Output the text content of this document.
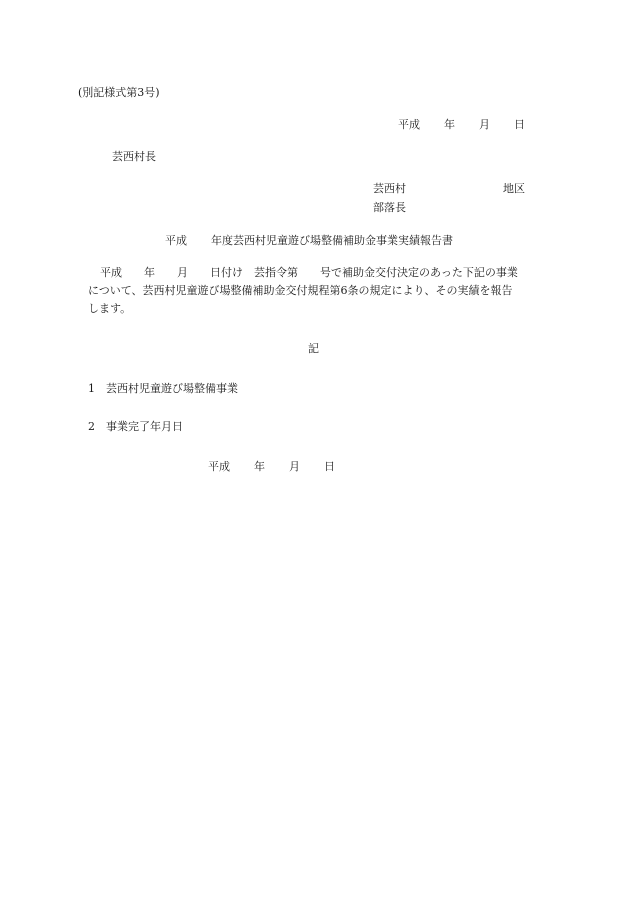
(別記様式第3号)
平成 年 月 日
芸西村長
芸西村	地区
部落長
平成 年度芸西村児童遊び場整備補助金事業実績報告書
平成　　年　　月　　日付け　芸指令第　　号で補助金交付決定のあった下記の事業
について、芸西村児童遊び場整備補助金交付規程第6条の規定により、その実績を報告
します。
記
1 芸西村児童遊び場整備事業
2 事業完了年月日
平成 年 月 日
